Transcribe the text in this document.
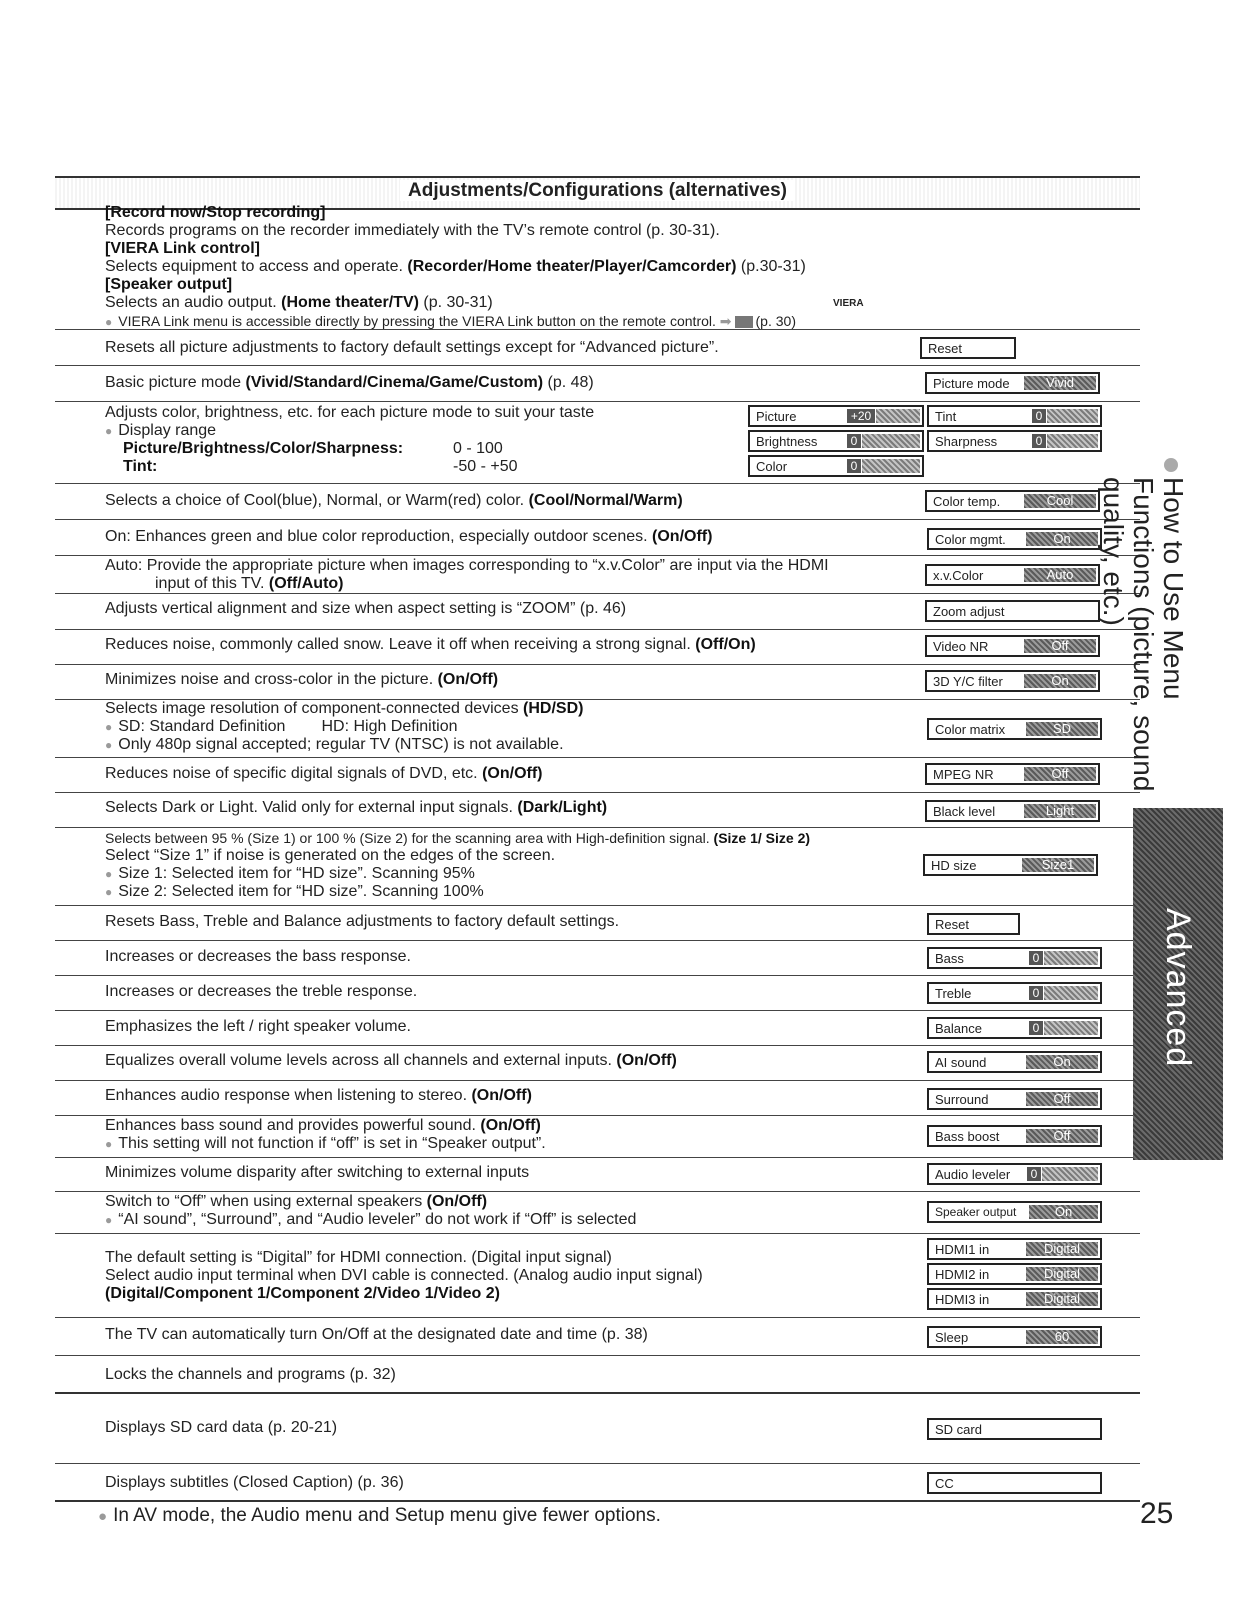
Adjustments/Configurations (alternatives)
[Record now/Stop recording]
Records programs on the recorder immediately with the TV’s remote control (p. 30-31).
[VIERA Link control]
Selects equipment to access and operate. (Recorder/Home theater/Player/Camcorder) (p.30-31)
[Speaker output]
Selects an audio output. (Home theater/TV) (p. 30-31)
● VIERA Link menu is accessible directly by pressing the VIERA Link button on the remote control. ➡ (p. 30)
VIERA
Resets all picture adjustments to factory default settings except for “Advanced picture”.	Reset
Basic picture mode (Vivid/Standard/Cinema/Game/Custom) (p. 48)	Picture mode	Vivid
Adjusts color, brightness, etc. for each picture mode to suit your taste
● Display range
Picture/Brightness/Color/Sharpness:	0 - 100
Tint:	-50 - +50
Picture	+20
Brightness	0
Color	0
Tint	0
Sharpness	0
Selects a choice of Cool(blue), Normal, or Warm(red) color. (Cool/Normal/Warm)	Color temp.	Cool
On: Enhances green and blue color reproduction, especially outdoor scenes. (On/Off)	Color mgmt.	On
Auto: Provide the appropriate picture when images corresponding to “x.v.Color” are input via the HDMI
input of this TV. (Off/Auto)	x.v.Color	Auto
Adjusts vertical alignment and size when aspect setting is “ZOOM” (p. 46)	Zoom adjust
Reduces noise, commonly called snow. Leave it off when receiving a strong signal. (Off/On)	Video NR	Off
Minimizes noise and cross-color in the picture. (On/Off)	3D Y/C filter	On
Selects image resolution of component-connected devices (HD/SD)
● SD: Standard Definition HD: High Definition
● Only 480p signal accepted; regular TV (NTSC) is not available.
Color matrix	SD
Reduces noise of specific digital signals of DVD, etc. (On/Off)	MPEG NR	Off
Selects Dark or Light. Valid only for external input signals. (Dark/Light)	Black level	Light
Selects between 95 % (Size 1) or 100 % (Size 2) for the scanning area with High-definition signal. (Size 1/ Size 2)
Select “Size 1” if noise is generated on the edges of the screen.
● Size 1: Selected item for “HD size”. Scanning 95%
● Size 2: Selected item for “HD size”. Scanning 100%
HD size	Size1
Resets Bass, Treble and Balance adjustments to factory default settings.	Reset
Increases or decreases the bass response.	Bass	0
Increases or decreases the treble response.	Treble	0
Emphasizes the left / right speaker volume.	Balance	0
Equalizes overall volume levels across all channels and external inputs. (On/Off)	AI sound	On
Enhances audio response when listening to stereo. (On/Off)	Surround	Off
Enhances bass sound and provides powerful sound. (On/Off)
● This setting will not function if “off” is set in “Speaker output”.	Bass boost	Off
Minimizes volume disparity after switching to external inputs	Audio leveler	0
Switch to “Off” when using external speakers (On/Off)
● “AI sound”, “Surround”, and “Audio leveler” do not work if “Off” is selected	Speaker output	On
The default setting is “Digital” for HDMI connection. (Digital input signal)
Select audio input terminal when DVI cable is connected. (Analog audio input signal)
(Digital/Component 1/Component 2/Video 1/Video 2)
HDMI1 in	Digital
HDMI2 in	Digital
HDMI3 in	Digital
The TV can automatically turn On/Off at the designated date and time (p. 38)	Sleep	60
Locks the channels and programs (p. 32)
Displays SD card data (p. 20-21)	SD card
Displays subtitles (Closed Caption) (p. 36)	CC
How to Use Menu Functions (picture, sound quality, etc.)
Advanced
● In AV mode, the Audio menu and Setup menu give fewer options.	25
